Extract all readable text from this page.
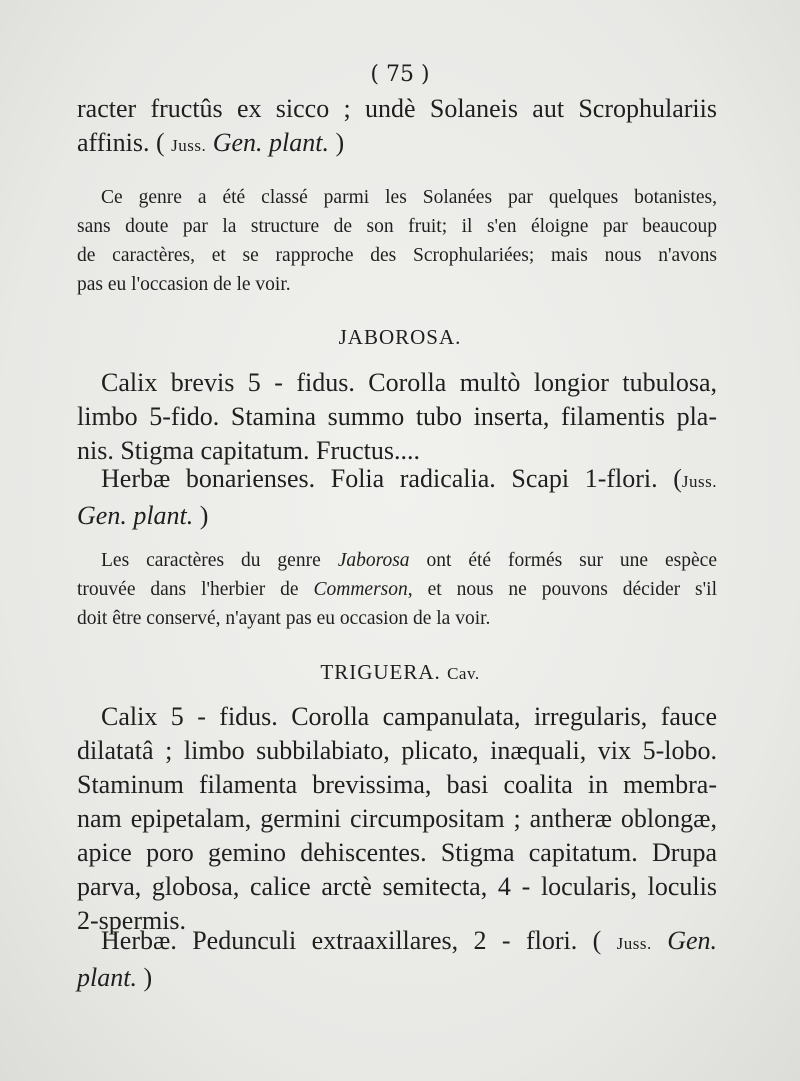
( 75 )
racter fructûs ex sicco ; undè Solaneis aut Scrophulariis
affinis. ( Juss. Gen. plant. )
Ce genre a été classé parmi les Solanées par quelques botanistes,
sans doute par la structure de son fruit; il s'en éloigne par beaucoup
de caractères, et se rapproche des Scrophulariées; mais nous n'avons
pas eu l'occasion de le voir.
JABOROSA.
Calix brevis 5 - fidus. Corolla multò longior tubulosa,
limbo 5-fido. Stamina summo tubo inserta, filamentis pla-
nis. Stigma capitatum. Fructus....
Herbæ bonarienses. Folia radicalia. Scapi 1-flori. (Juss.
Gen. plant. )
Les caractères du genre Jaborosa ont été formés sur une espèce
trouvée dans l'herbier de Commerson, et nous ne pouvons décider s'il
doit être conservé, n'ayant pas eu occasion de la voir.
TRIGUERA. Cav.
Calix 5 - fidus. Corolla campanulata, irregularis, fauce
dilatatâ ; limbo subbilabiato, plicato, inæquali, vix 5-lobo.
Staminum filamenta brevissima, basi coalita in membra-
nam epipetalam, germini circumpositam ; antheræ oblongæ,
apice poro gemino dehiscentes. Stigma capitatum. Drupa
parva, globosa, calice arctè semitecta, 4 - locularis, loculis
2-spermis.
Herbæ. Pedunculi extraaxillares, 2 - flori. ( Juss. Gen.
plant. )
